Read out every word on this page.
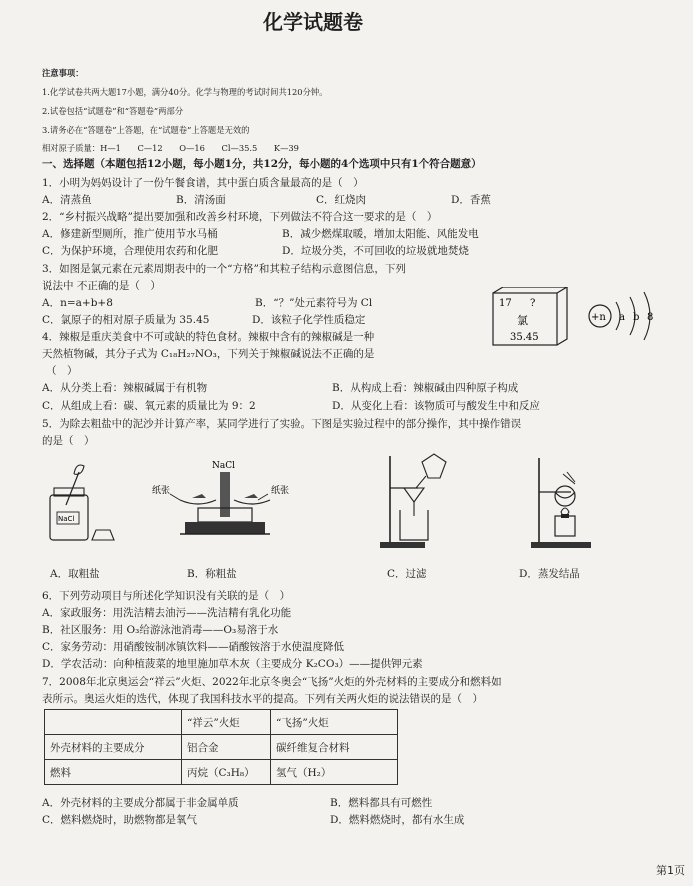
化学试题卷
注意事项：
1.化学试卷共两大题17小题，满分40分。化学与物理的考试时间共120分钟。
2.试卷包括“试题卷”和“答题卷”两部分
3.请务必在“答题卷”上答题，在“试题卷”上答题是无效的
相对原子质量：H—1　　C—12　　O—16　　Cl—35.5　　K—39
一、选择题（本题包括12小题，每小题1分，共12分，每小题的4个选项中只有1个符合题意）
1．小明为妈妈设计了一份午餐食谱，其中蛋白质含量最高的是（　）
A．清蒸鱼	B．清汤面	C．红烧肉	D．香蕉
2．“乡村振兴战略”提出要加强和改善乡村环境，下列做法不符合这一要求的是（　）
A．修建新型厕所，推广使用节水马桶	B．减少燃煤取暖，增加太阳能、风能发电
C．为保护环境，合理使用农药和化肥	D．垃圾分类，不可回收的垃圾就地焚烧
3．如图是氯元素在元素周期表中的一个“方格”和其粒子结构示意图信息，下列
说法中 不正确的是（　）
A．n=a+b+8	B．“？”处元素符号为 Cl
C．氯原子的相对原子质量为 35.45	D．该粒子化学性质稳定
17 ?
氯
35.45
+n a b 8
4．辣椒是重庆美食中不可或缺的特色食材。辣椒中含有的辣椒碱是一种
天然植物碱，其分子式为 C₁₈H₂₇NO₃，下列关于辣椒碱说法不正确的是
（　）
A．从分类上看：辣椒碱属于有机物	B．从构成上看：辣椒碱由四种原子构成
C．从组成上看：碳、氧元素的质量比为 9：2	D．从变化上看：该物质可与酸发生中和反应
5．为除去粗盐中的泥沙并计算产率，某同学进行了实验。下图是实验过程中的部分操作，其中操作错误
的是（　）
NaCl
NaCl
纸张	纸张
A．取粗盐	B．称粗盐	C．过滤	D．蒸发结晶
6．下列劳动项目与所述化学知识没有关联的是（　）
A．家政服务：用洗洁精去油污——洗洁精有乳化功能
B．社区服务：用 O₃给游泳池消毒——O₃易溶于水
C．家务劳动：用硝酸铵制冰镇饮料——硝酸铵溶于水使温度降低
D．学农活动：向种植菠菜的地里施加草木灰（主要成分 K₂CO₃）——提供钾元素
7．2008年北京奥运会“祥云”火炬、2022年北京冬奥会“飞扬”火炬的外壳材料的主要成分和燃料如
表所示。奥运火炬的迭代，体现了我国科技水平的提高。下列有关两火炬的说法错误的是（　）
	“祥云”火炬	“飞扬”火炬
外壳材料的主要成分	铝合金	碳纤维复合材料
燃料	丙烷（C₃H₈）	氢气（H₂）
A．外壳材料的主要成分都属于非金属单质	B．燃料都具有可燃性
C．燃料燃烧时，助燃物都是氧气	D．燃料燃烧时，都有水生成
第1页
